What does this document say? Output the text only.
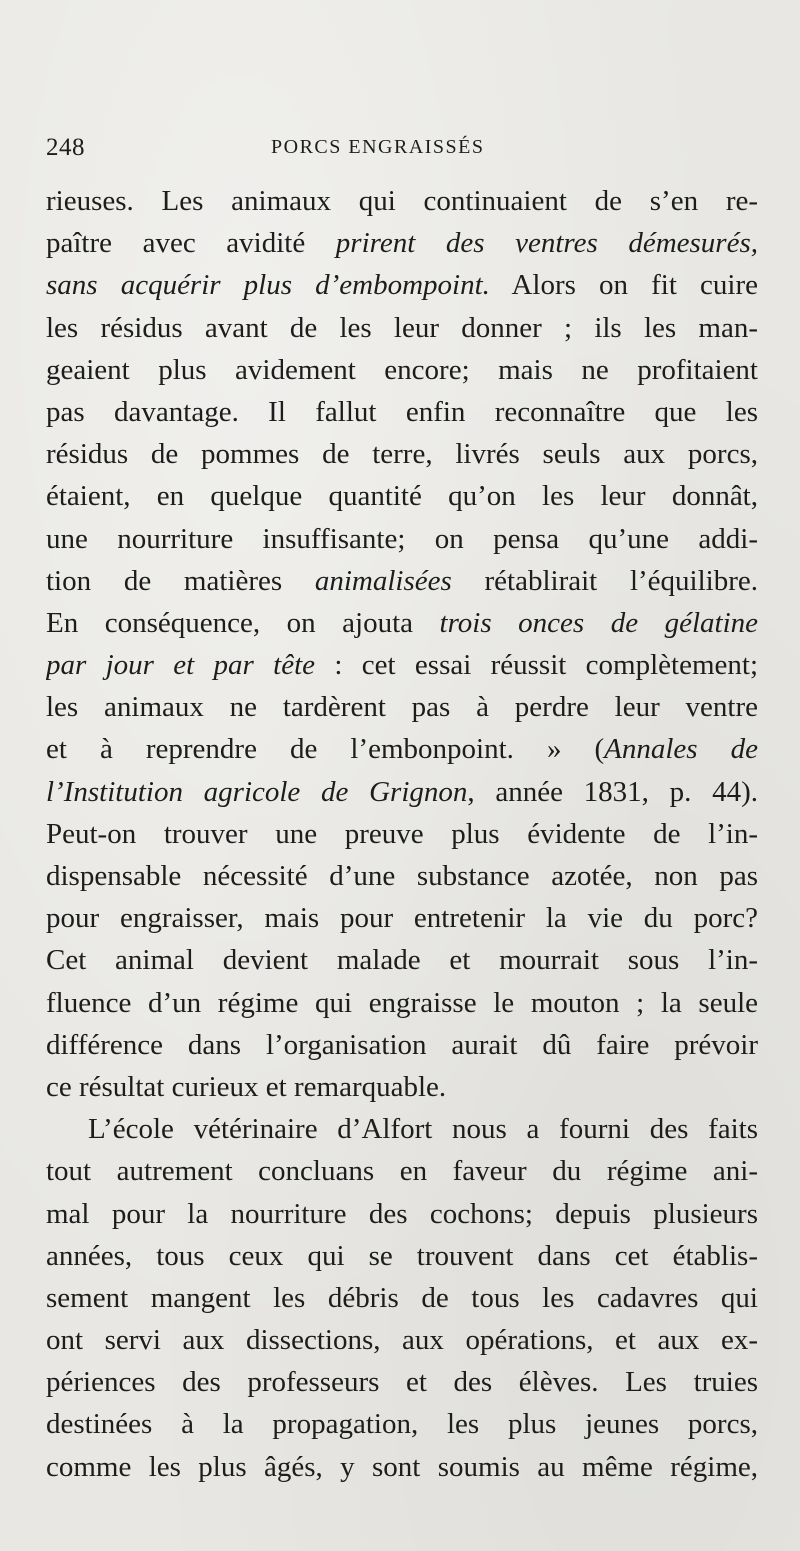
248	PORCS ENGRAISSÉS
rieuses. Les animaux qui continuaient de s’en re-
paître avec avidité prirent des ventres démesurés,
sans acquérir plus d’embompoint. Alors on fit cuire
les résidus avant de les leur donner ; ils les man-
geaient plus avidement encore; mais ne profitaient
pas davantage. Il fallut enfin reconnaître que les
résidus de pommes de terre, livrés seuls aux porcs,
étaient, en quelque quantité qu’on les leur donnât,
une nourriture insuffisante; on pensa qu’une addi-
tion de matières animalisées rétablirait l’équilibre.
En conséquence, on ajouta trois onces de gélatine
par jour et par tête : cet essai réussit complètement;
les animaux ne tardèrent pas à perdre leur ventre
et à reprendre de l’embonpoint. » (Annales de
l’Institution agricole de Grignon, année 1831, p. 44).
Peut-on trouver une preuve plus évidente de l’in-
dispensable nécessité d’une substance azotée, non pas
pour engraisser, mais pour entretenir la vie du porc?
Cet animal devient malade et mourrait sous l’in-
fluence d’un régime qui engraisse le mouton ; la seule
différence dans l’organisation aurait dû faire prévoir
ce résultat curieux et remarquable.
L’école vétérinaire d’Alfort nous a fourni des faits
tout autrement concluans en faveur du régime ani-
mal pour la nourriture des cochons; depuis plusieurs
années, tous ceux qui se trouvent dans cet établis-
sement mangent les débris de tous les cadavres qui
ont servi aux dissections, aux opérations, et aux ex-
périences des professeurs et des élèves. Les truies
destinées à la propagation, les plus jeunes porcs,
comme les plus âgés, y sont soumis au même régime,
